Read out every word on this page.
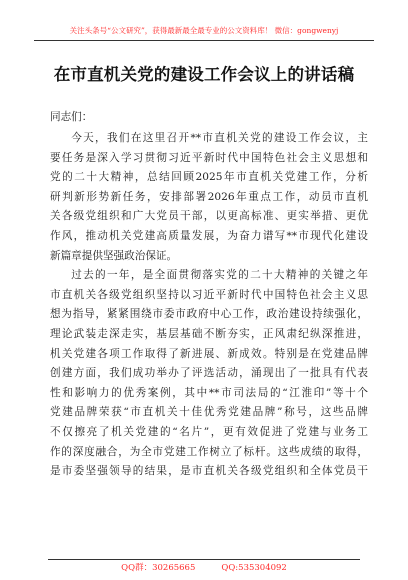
关注头条号“公文研究”，获得最新最全最专业的公文资料库！ 微信：gongwenyj
在市直机关党的建设工作会议上的讲话稿
同志们：
今天，我们在这里召开**市直机关党的建设工作会议，主
要任务是深入学习贯彻习近平新时代中国特色社会主义思想和
党的二十大精神，总结回顾2025年市直机关党建工作，分析
研判新形势新任务，安排部署2026年重点工作，动员市直机
关各级党组织和广大党员干部，以更高标准、更实举措、更优
作风，推动机关党建高质量发展，为奋力谱写**市现代化建设
新篇章提供坚强政治保证。
过去的一年，是全面贯彻落实党的二十大精神的关键之年
市直机关各级党组织坚持以习近平新时代中国特色社会主义思
想为指导，紧紧围绕市委市政府中心工作，政治建设持续强化，
理论武装走深走实，基层基础不断夯实，正风肃纪纵深推进，
机关党建各项工作取得了新进展、新成效。特别是在党建品牌
创建方面，我们成功举办了评选活动，涌现出了一批具有代表
性和影响力的优秀案例，其中**市司法局的“江淮印”等十个
党建品牌荣获“市直机关十佳优秀党建品牌”称号，这些品牌
不仅擦亮了机关党建的“名片”，更有效促进了党建与业务工
作的深度融合，为全市党建工作树立了标杆。这些成绩的取得，
是市委坚强领导的结果，是市直机关各级党组织和全体党员干
QQ群：30265665	QQ:535304092
